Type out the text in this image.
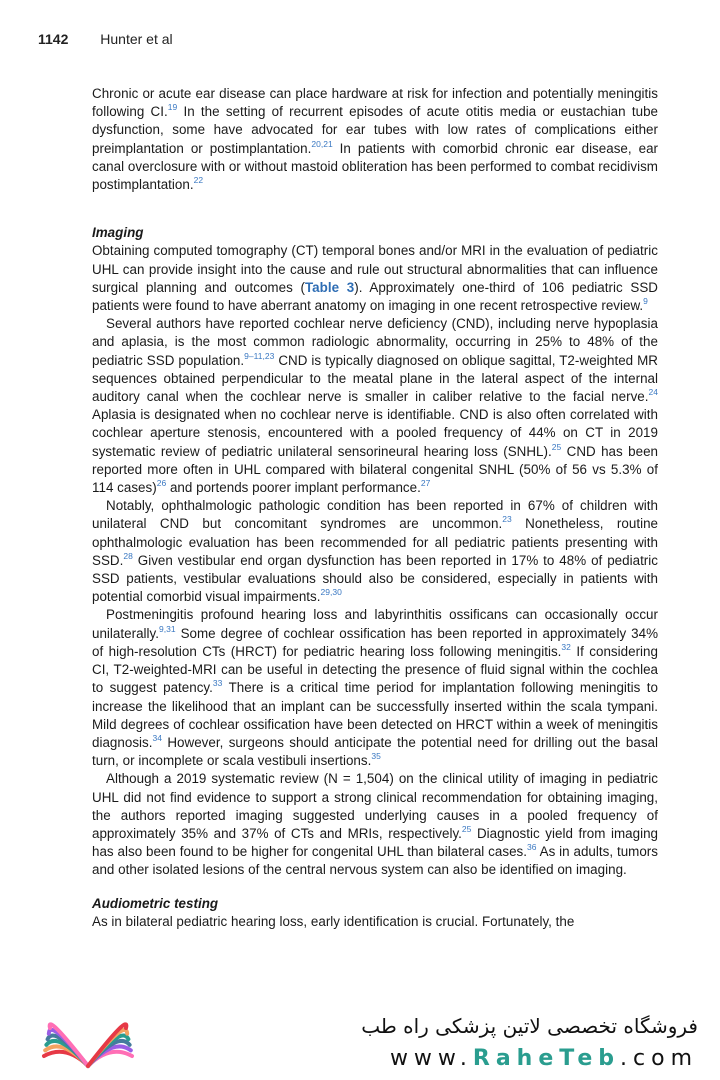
1142 Hunter et al

Chronic or acute ear disease can place hardware at risk for infection and potentially meningitis following CI.$^{19}$ In the setting of recurrent episodes of acute otitis media or eustachian tube dysfunction, some have advocated for ear tubes with low rates of complications either preimplantation or postimplantation.$^{20,21}$ In patients with comorbid chronic ear disease, ear canal overclosure with or without mastoid obliteration has been performed to combat recidivism postimplantation.$^{22}$

Imaging

Obtaining computed tomography (CT) temporal bones and/or MRI in the evaluation of pediatric UHL can provide insight into the cause and rule out structural abnormalities that can influence surgical planning and outcomes (Table 3). Approximately one-third of 106 pediatric SSD patients were found to have aberrant anatomy on imaging in one recent retrospective review.$^9$

Several authors have reported cochlear nerve deficiency (CND), including nerve hypoplasia and aplasia, is the most common radiologic abnormality, occurring in 25% to 48% of the pediatric SSD population.$^{9-11,23}$ CND is typically diagnosed on oblique sagittal, T2-weighted MR sequences obtained perpendicular to the meatal plane in the lateral aspect of the internal auditory canal when the cochlear nerve is smaller in caliber relative to the facial nerve.$^{24}$ Aplasia is designated when no cochlear nerve is identifiable. CND is also often correlated with cochlear aperture stenosis, encountered with a pooled frequency of 44% on CT in 2019 systematic review of pediatric unilateral sensorineural hearing loss (SNHL).$^{25}$ CND has been reported more often in UHL compared with bilateral congenital SNHL (50% of 56 vs 5.3% of 114 cases)$^{26}$ and portends poorer implant performance.$^{27}$

Notably, ophthalmologic pathologic condition has been reported in 67% of children with unilateral CND but concomitant syndromes are uncommon.$^{23}$ Nonetheless, routine ophthalmologic evaluation has been recommended for all pediatric patients presenting with SSD.$^{28}$ Given vestibular end organ dysfunction has been reported in 17% to 48% of pediatric SSD patients, vestibular evaluations should also be considered, especially in patients with potential comorbid visual impairments.$^{29,30}$

Postmeningitis profound hearing loss and labyrinthitis ossificans can occasionally occur unilaterally.$^{9,31}$ Some degree of cochlear ossification has been reported in approximately 34% of high-resolution CTs (HRCT) for pediatric hearing loss following meningitis.$^{32}$ If considering CI, T2-weighted-MRI can be useful in detecting the presence of fluid signal within the cochlea to suggest patency.$^{33}$ There is a critical time period for implantation following meningitis to increase the likelihood that an implant can be successfully inserted within the scala tympani. Mild degrees of cochlear ossification have been detected on HRCT within a week of meningitis diagnosis.$^{34}$ However, surgeons should anticipate the potential need for drilling out the basal turn, or incomplete or scala vestibuli insertions.$^{35}$

Although a 2019 systematic review (N = 1,504) on the clinical utility of imaging in pediatric UHL did not find evidence to support a strong clinical recommendation for obtaining imaging, the authors reported imaging suggested underlying causes in a pooled frequency of approximately 35% and 37% of CTs and MRIs, respectively.$^{25}$ Diagnostic yield from imaging has also been found to be higher for congenital UHL than bilateral cases.$^{36}$ As in adults, tumors and other isolated lesions of the central nervous system can also be identified on imaging.

Audiometric testing

As in bilateral pediatric hearing loss, early identification is crucial. Fortunately, the

فروشگاه تخصصی لاتین پزشکی راه طب
www.RaheTeb.com
